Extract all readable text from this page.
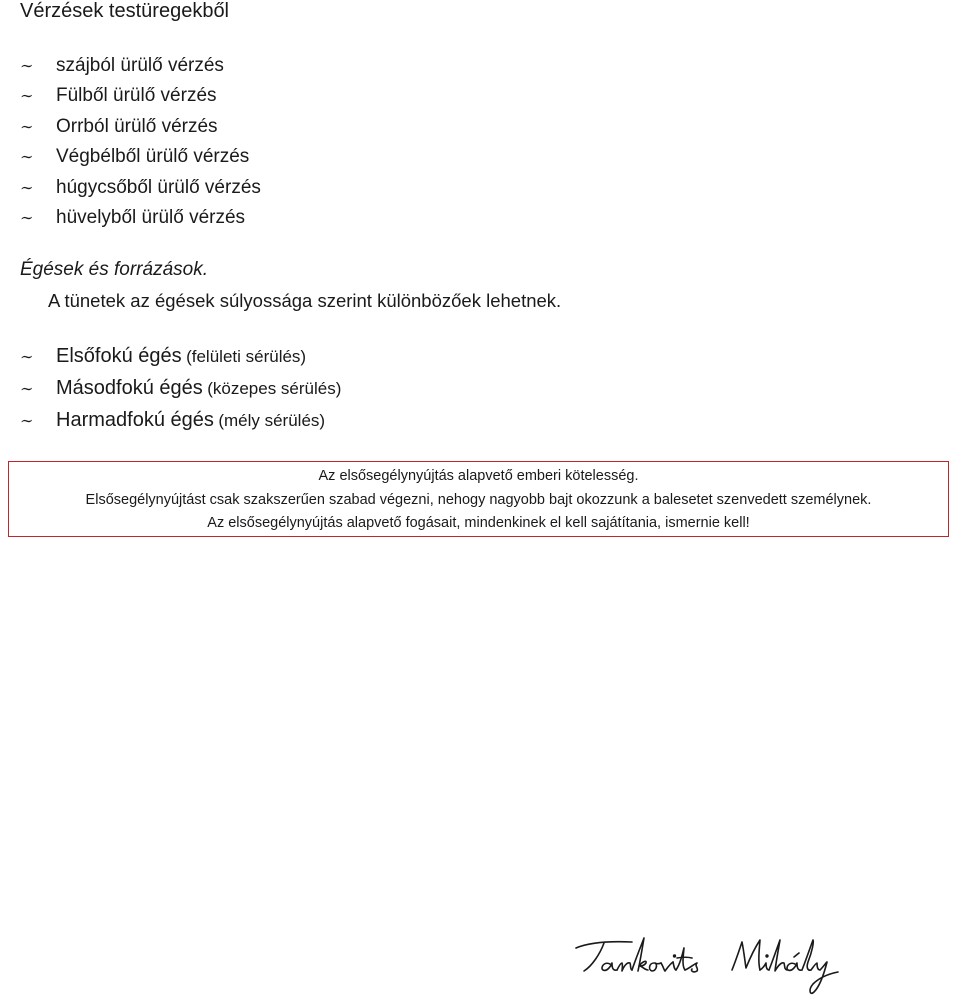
Vérzések testüregekből
∼ szájból ürülő vérzés
∼ Fülből ürülő vérzés
∼ Orrból ürülő vérzés
∼ Végbélből ürülő vérzés
∼ húgycsőből ürülő vérzés
∼ hüvelyből ürülő vérzés
Égések és forrázások.
A tünetek az égések súlyossága szerint különbözőek lehetnek.
∼ Elsőfokú égés (felületi sérülés)
∼ Másodfokú égés (közepes sérülés)
∼ Harmadfokú égés (mély sérülés)
Az elsősegélynyújtás alapvető emberi kötelesség.
Elsősegélynyújtást csak szakszerűen szabad végezni, nehogy nagyobb bajt okozzunk a balesetet szenvedett személynek.
Az elsősegélynyújtás alapvető fogásait, mindenkinek el kell sajátítania, ismernie kell!
